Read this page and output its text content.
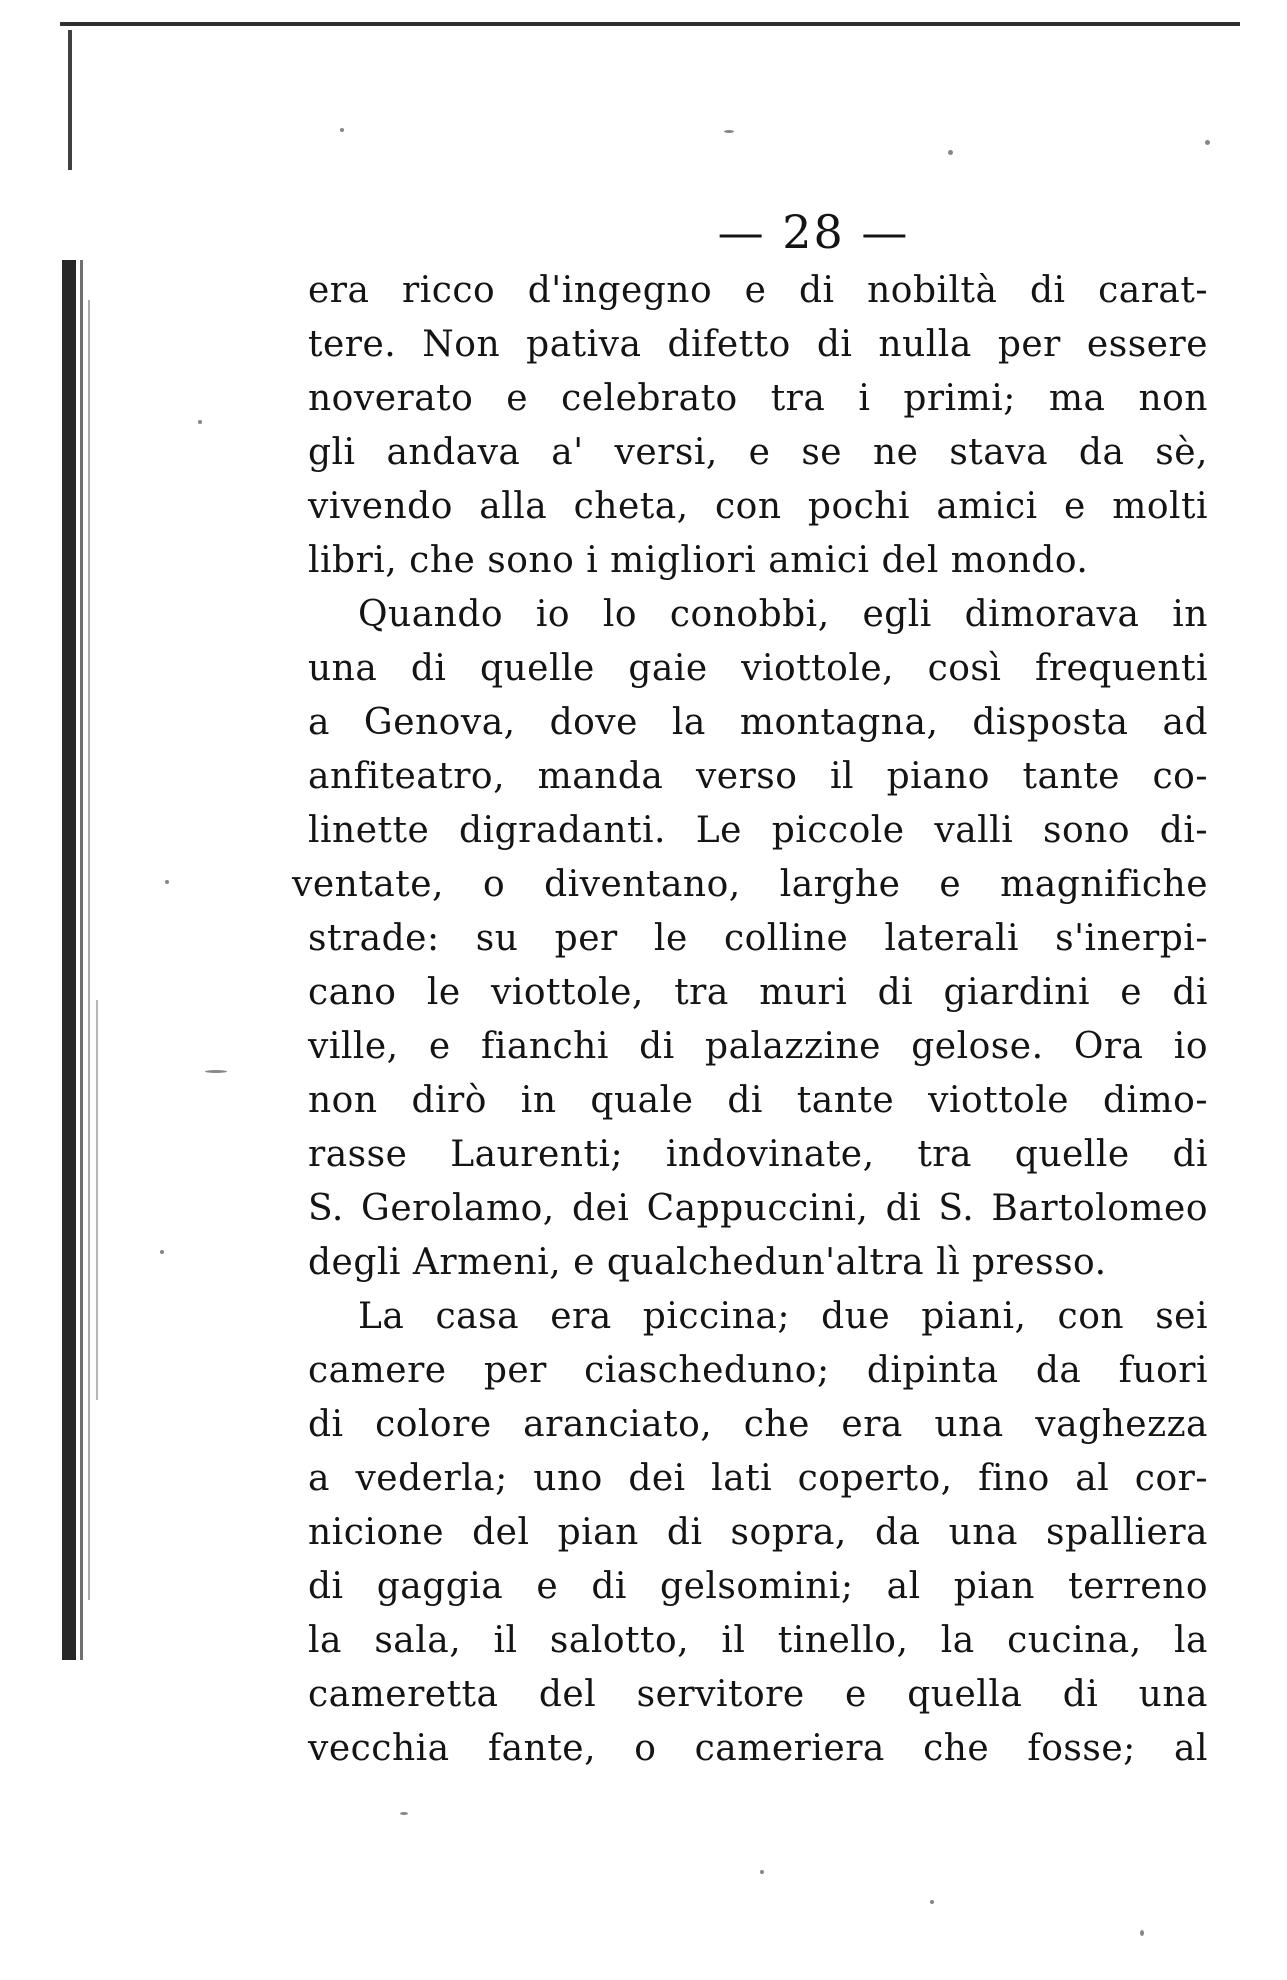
— 28 —
era ricco d'ingegno e di nobiltà di carat-
tere. Non pativa difetto di nulla per essere
noverato e celebrato tra i primi; ma non
gli andava a' versi, e se ne stava da sè,
vivendo alla cheta, con pochi amici e molti
libri, che sono i migliori amici del mondo.
Quando io lo conobbi, egli dimorava in
una di quelle gaie viottole, così frequenti
a Genova, dove la montagna, disposta ad
anfiteatro, manda verso il piano tante co-
linette digradanti. Le piccole valli sono di-
ventate, o diventano, larghe e magnifiche
strade: su per le colline laterali s'inerpi-
cano le viottole, tra muri di giardini e di
ville, e fianchi di palazzine gelose. Ora io
non dirò in quale di tante viottole dimo-
rasse Laurenti; indovinate, tra quelle di
S. Gerolamo, dei Cappuccini, di S. Bartolomeo
degli Armeni, e qualchedun'altra lì presso.
La casa era piccina; due piani, con sei
camere per ciascheduno; dipinta da fuori
di colore aranciato, che era una vaghezza
a vederla; uno dei lati coperto, fino al cor-
nicione del pian di sopra, da una spalliera
di gaggia e di gelsomini; al pian terreno
la sala, il salotto, il tinello, la cucina, la
cameretta del servitore e quella di una
vecchia fante, o cameriera che fosse; al
